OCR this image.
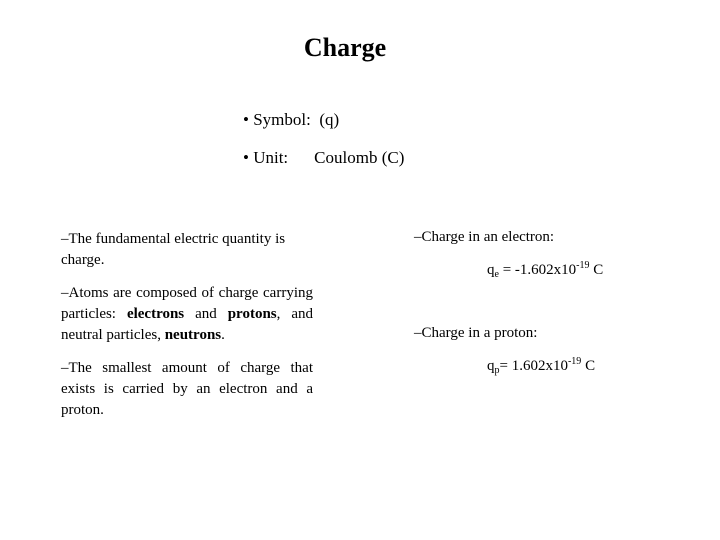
Charge
• Symbol:  (q)
• Unit: Coulomb (C)

–The fundamental electric quantity is charge.

–Atoms are composed of charge carrying particles: electrons and protons, and neutral particles, neutrons.

–The smallest amount of charge that exists is carried by an electron and a proton.

–Charge in an electron:
$q_e = -1.602x10^{-19}$ C
–Charge in a proton:
$q_p= 1.602x10^{-19}$ C
